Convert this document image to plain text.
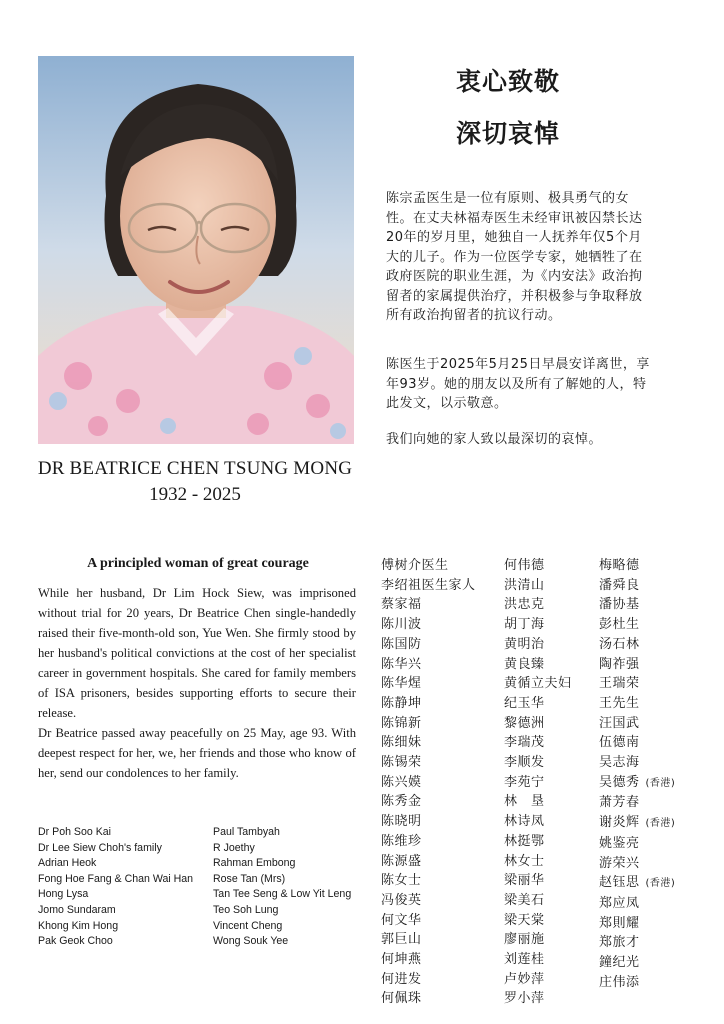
DR BEATRICE CHEN TSUNG MONG
1932 - 2025
衷心致敬
深切哀悼
陈宗孟医生是一位有原则、极具勇气的女性。在丈夫林福寿医生未经审讯被囚禁长达20年的岁月里，她独自一人抚养年仅5个月大的儿子。作为一位医学专家，她牺牲了在政府医院的职业生涯，为《内安法》政治拘留者的家属提供治疗，并积极参与争取释放所有政治拘留者的抗议行动。
陈医生于2025年5月25日早晨安详离世，享年93岁。她的朋友以及所有了解她的人，特此发文，以示敬意。
我们向她的家人致以最深切的哀悼。
A principled woman of great courage
While her husband, Dr Lim Hock Siew, was imprisoned without trial for 20 years, Dr Beatrice Chen single-handedly raised their five-month-old son, Yue Wen. She firmly stood by her husband's political convictions at the cost of her specialist career in government hospitals. She cared for family members of ISA prisoners, besides supporting efforts to secure their release.
Dr Beatrice passed away peacefully on 25 May, age 93. With deepest respect for her, we, her friends and those who know of her, send our condolences to her family.
Dr Poh Soo Kai
Dr Lee Siew Choh's family
Adrian Heok
Fong Hoe Fang & Chan Wai Han
Hong Lysa
Jomo Sundaram
Khong Kim Hong
Pak Geok Choo
Paul Tambyah
R Joethy
Rahman Embong
Rose Tan (Mrs)
Tan Tee Seng & Low Yit Leng
Teo Soh Lung
Vincent Cheng
Wong Souk Yee
傅树介医生
李绍祖医生家人
蔡家福
陈川波
陈国防
陈华兴
陈华煋
陈静坤
陈锦新
陈细妹
陈锡荣
陈兴嫫
陈秀金
陈晓明
陈维珍
陈源盛
陈女士
冯俊英
何文华
郭巨山
何坤燕
何进发
何佩珠
何伟德
洪清山
洪忠克
胡丁海
黄明治
黄良臻
黄循立夫妇
纪玉华
黎德洲
李瑞茂
李顺发
李苑宁
林　垦
林诗凤
林挺鄂
林女士
梁丽华
梁美石
梁天棠
廖丽施
刘莲桂
卢妙萍
罗小萍
梅略德
潘舜良
潘协基
彭杜生
汤石林
陶祚强
王瑞荣
王先生
汪国武
伍德南
吴志海
吴德秀 (香港)
萧芳春
谢炎辉 (香港)
姚鉴亮
游荣兴
赵钰思 (香港)
郑应凤
郑則耀
郑旅才
鐘纪光
庄伟添
